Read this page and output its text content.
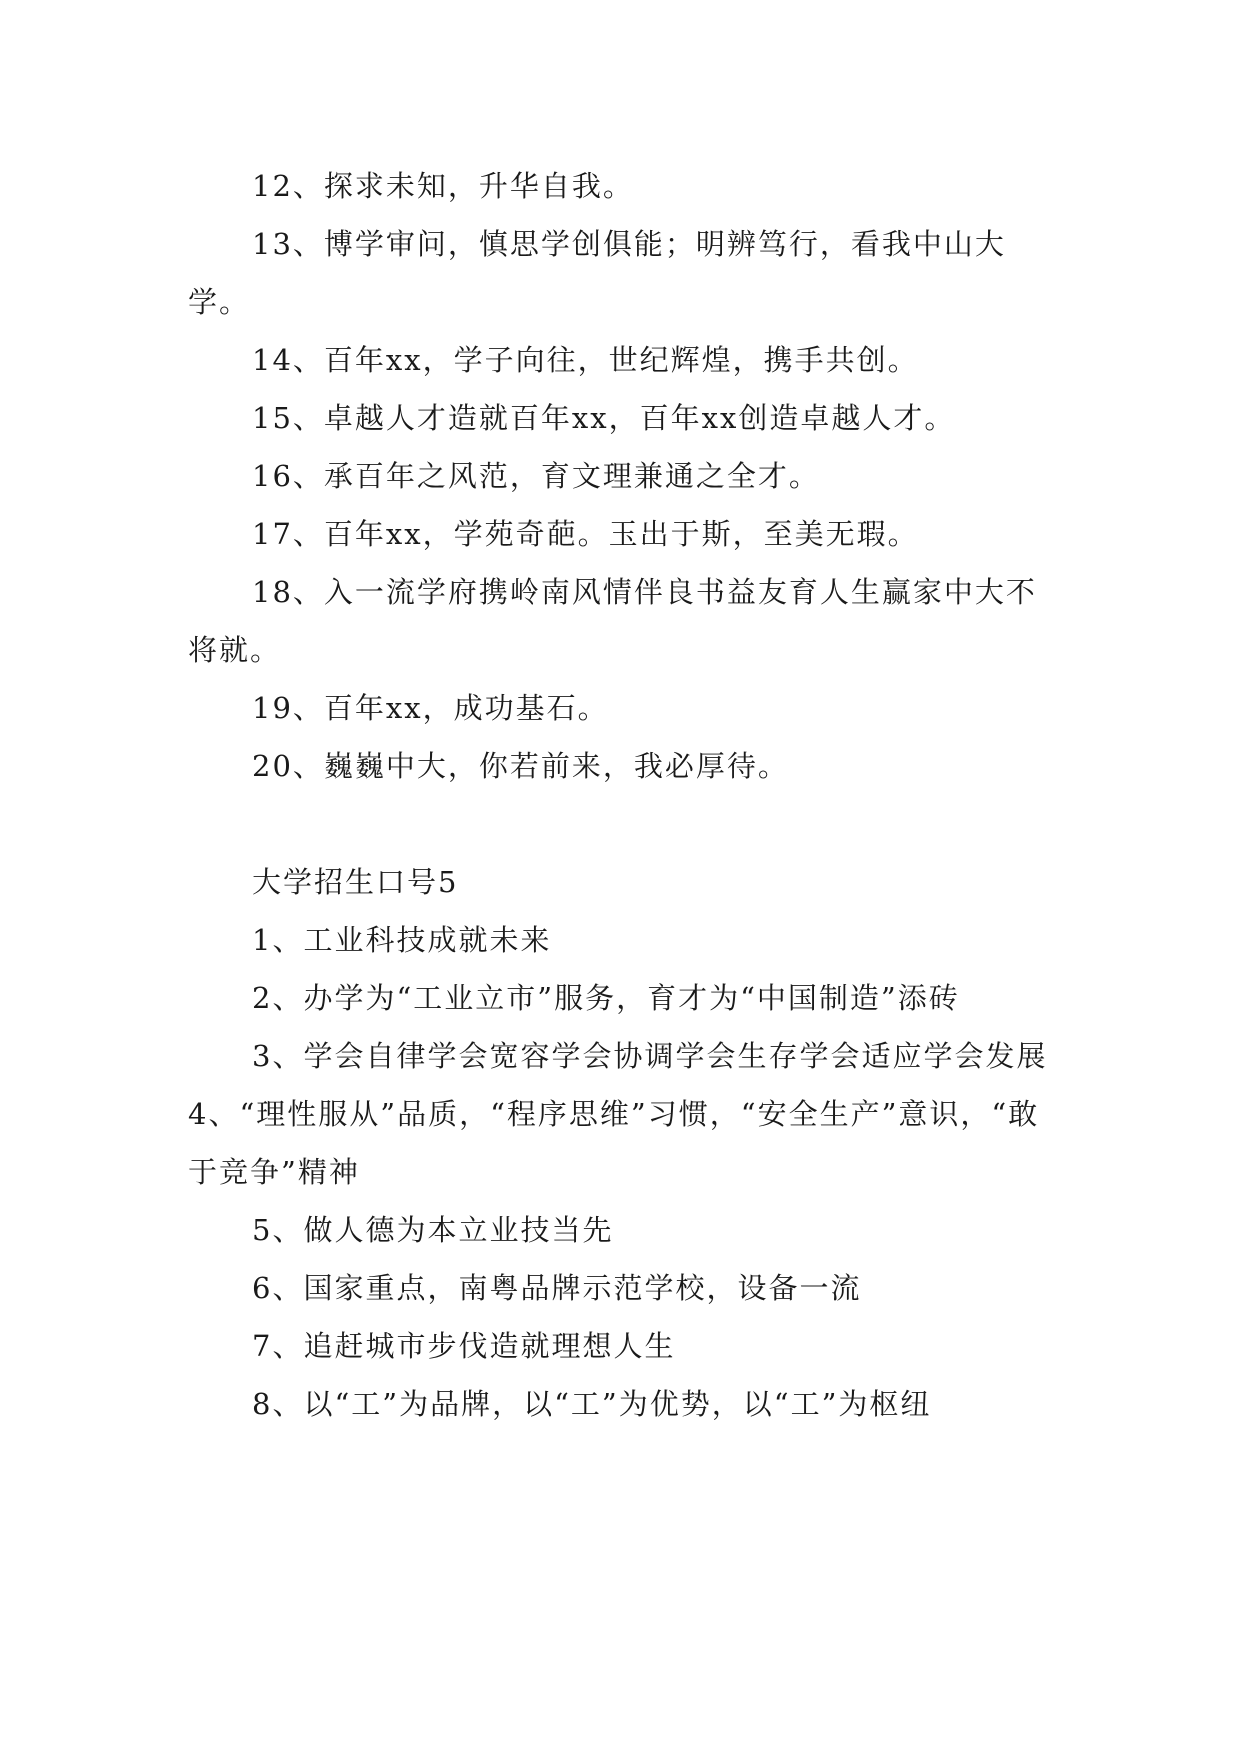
12、探求未知，升华自我。

13、博学审问，慎思学创俱能；明辨笃行，看我中山大学。

14、百年xx，学子向往，世纪辉煌，携手共创。

15、卓越人才造就百年xx，百年xx创造卓越人才。

16、承百年之风范，育文理兼通之全才。

17、百年xx，学苑奇葩。玉出于斯，至美无瑕。

18、入一流学府携岭南风情伴良书益友育人生赢家中大不将就。

19、百年xx，成功基石。

20、巍巍中大，你若前来，我必厚待。

大学招生口号5

1、工业科技成就未来

2、办学为“工业立市”服务，育才为“中国制造”添砖

3、学会自律学会宽容学会协调学会生存学会适应学会发展4、“理性服从”品质，“程序思维”习惯，“安全生产”意识，“敢于竞争”精神

5、做人德为本立业技当先

6、国家重点，南粤品牌示范学校，设备一流

7、追赶城市步伐造就理想人生

8、以“工”为品牌，以“工”为优势，以“工”为枢纽
